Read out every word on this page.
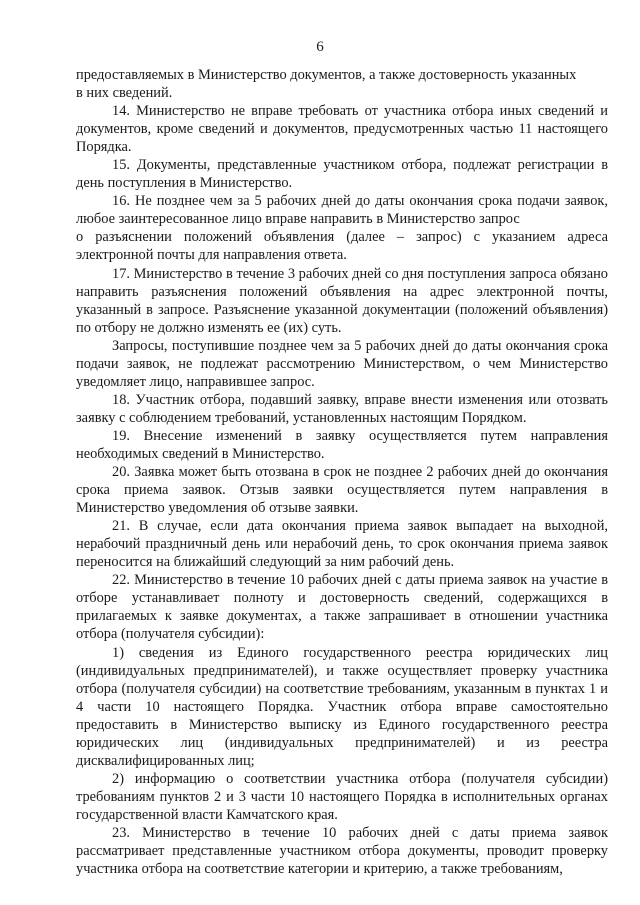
6

предоставляемых в Министерство документов, а также достоверность указанных
в них сведений.

14. Министерство не вправе требовать от участника отбора иных сведений и документов, кроме сведений и документов, предусмотренных частью 11 настоящего Порядка.

15. Документы, представленные участником отбора, подлежат регистрации в день поступления в Министерство.

16. Не позднее чем за 5 рабочих дней до даты окончания срока подачи заявок, любое заинтересованное лицо вправе направить в Министерство запрос
о разъяснении положений объявления (далее – запрос) с указанием адреса электронной почты для направления ответа.

17. Министерство в течение 3 рабочих дней со дня поступления запроса обязано направить разъяснения положений объявления на адрес электронной почты, указанный в запросе. Разъяснение указанной документации (положений объявления) по отбору не должно изменять ее (их) суть.

Запросы, поступившие позднее чем за 5 рабочих дней до даты окончания срока подачи заявок, не подлежат рассмотрению Министерством, о чем Министерство уведомляет лицо, направившее запрос.

18. Участник отбора, подавший заявку, вправе внести изменения или отозвать заявку с соблюдением требований, установленных настоящим Порядком.

19. Внесение изменений в заявку осуществляется путем направления необходимых сведений в Министерство.

20. Заявка может быть отозвана в срок не позднее 2 рабочих дней до окончания срока приема заявок. Отзыв заявки осуществляется путем направления в Министерство уведомления об отзыве заявки.

21. В случае, если дата окончания приема заявок выпадает на выходной, нерабочий праздничный день или нерабочий день, то срок окончания приема заявок переносится на ближайший следующий за ним рабочий день.

22. Министерство в течение 10 рабочих дней с даты приема заявок на участие в отборе устанавливает полноту и достоверность сведений, содержащихся в прилагаемых к заявке документах, а также запрашивает в отношении участника отбора (получателя субсидии):

1) сведения из Единого государственного реестра юридических лиц (индивидуальных предпринимателей), и также осуществляет проверку участника отбора (получателя субсидии) на соответствие требованиям, указанным в пунктах 1 и 4 части 10 настоящего Порядка. Участник отбора вправе самостоятельно предоставить в Министерство выписку из Единого государственного реестра юридических лиц (индивидуальных предпринимателей) и из реестра дисквалифицированных лиц;

2) информацию о соответствии участника отбора (получателя субсидии) требованиям пунктов 2 и 3 части 10 настоящего Порядка в исполнительных органах государственной власти Камчатского края.

23. Министерство в течение 10 рабочих дней с даты приема заявок рассматривает представленные участником отбора документы, проводит проверку участника отбора на соответствие категории и критерию, а также требованиям,
